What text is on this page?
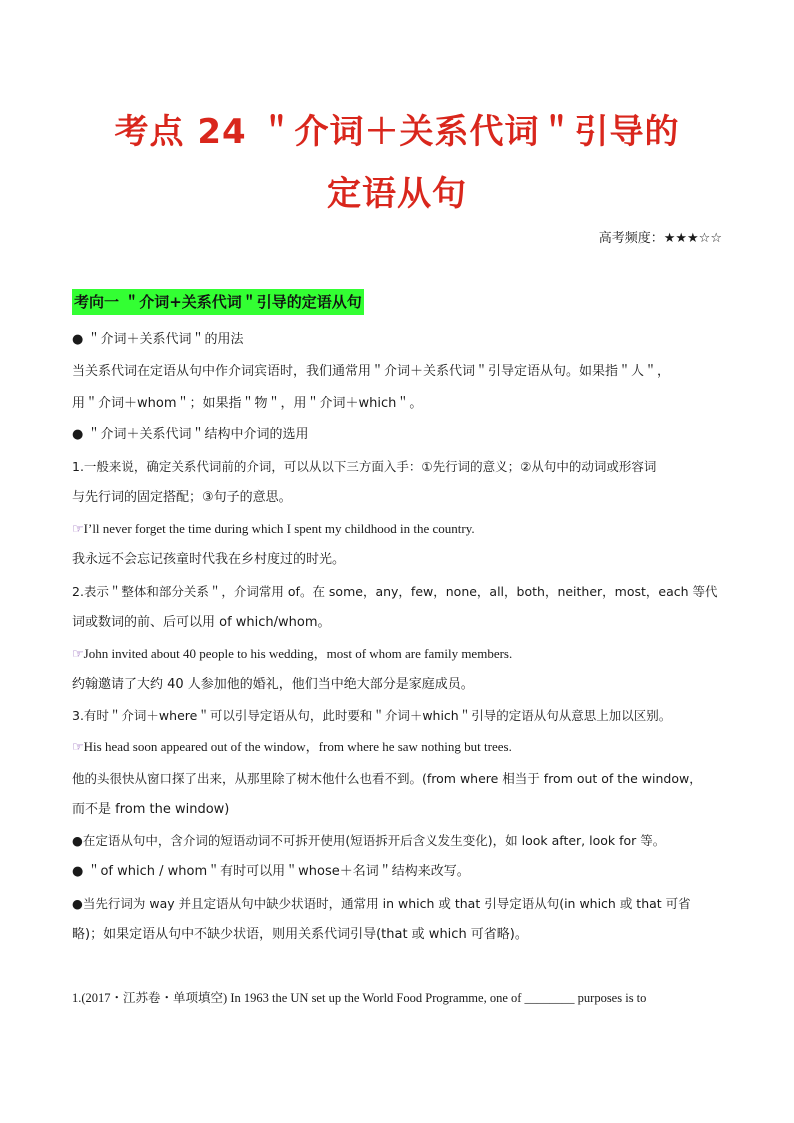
考点 24 ＂介词＋关系代词＂引导的
定语从句
高考频度：★★★☆☆
考向一 ＂介词+关系代词＂引导的定语从句
● ＂介词＋关系代词＂的用法
当关系代词在定语从句中作介词宾语时，我们通常用＂介词＋关系代词＂引导定语从句。如果指＂人＂，
用＂介词＋whom＂；如果指＂物＂，用＂介词＋which＂。
● ＂介词＋关系代词＂结构中介词的选用
1.一般来说，确定关系代词前的介词，可以从以下三方面入手：①先行词的意义；②从句中的动词或形容词
与先行词的固定搭配；③句子的意思。
☞I’ll never forget the time during which I spent my childhood in the country.
我永远不会忘记孩童时代我在乡村度过的时光。
2.表示＂整体和部分关系＂，介词常用 of。在 some，any，few，none，all，both，neither，most，each 等代
词或数词的前、后可以用 of which/whom。
☞John invited about 40 people to his wedding，most of whom are family members.
约翰邀请了大约 40 人参加他的婚礼，他们当中绝大部分是家庭成员。
3.有时＂介词＋where＂可以引导定语从句，此时要和＂介词＋which＂引导的定语从句从意思上加以区别。
☞His head soon appeared out of the window，from where he saw nothing but trees.
他的头很快从窗口探了出来，从那里除了树木他什么也看不到。(from where 相当于 from out of the window，
而不是 from the window)
●在定语从句中，含介词的短语动词不可拆开使用(短语拆开后含义发生变化)，如 look after, look for 等。
● ＂of which / whom＂有时可以用＂whose＋名词＂结构来改写。
●当先行词为 way 并且定语从句中缺少状语时，通常用 in which 或 that 引导定语从句(in which 或 that 可省
略)；如果定语从句中不缺少状语，则用关系代词引导(that 或 which 可省略)。
1.(2017・江苏卷・单项填空) In 1963 the UN set up the World Food Programme, one of ________ purposes is to
